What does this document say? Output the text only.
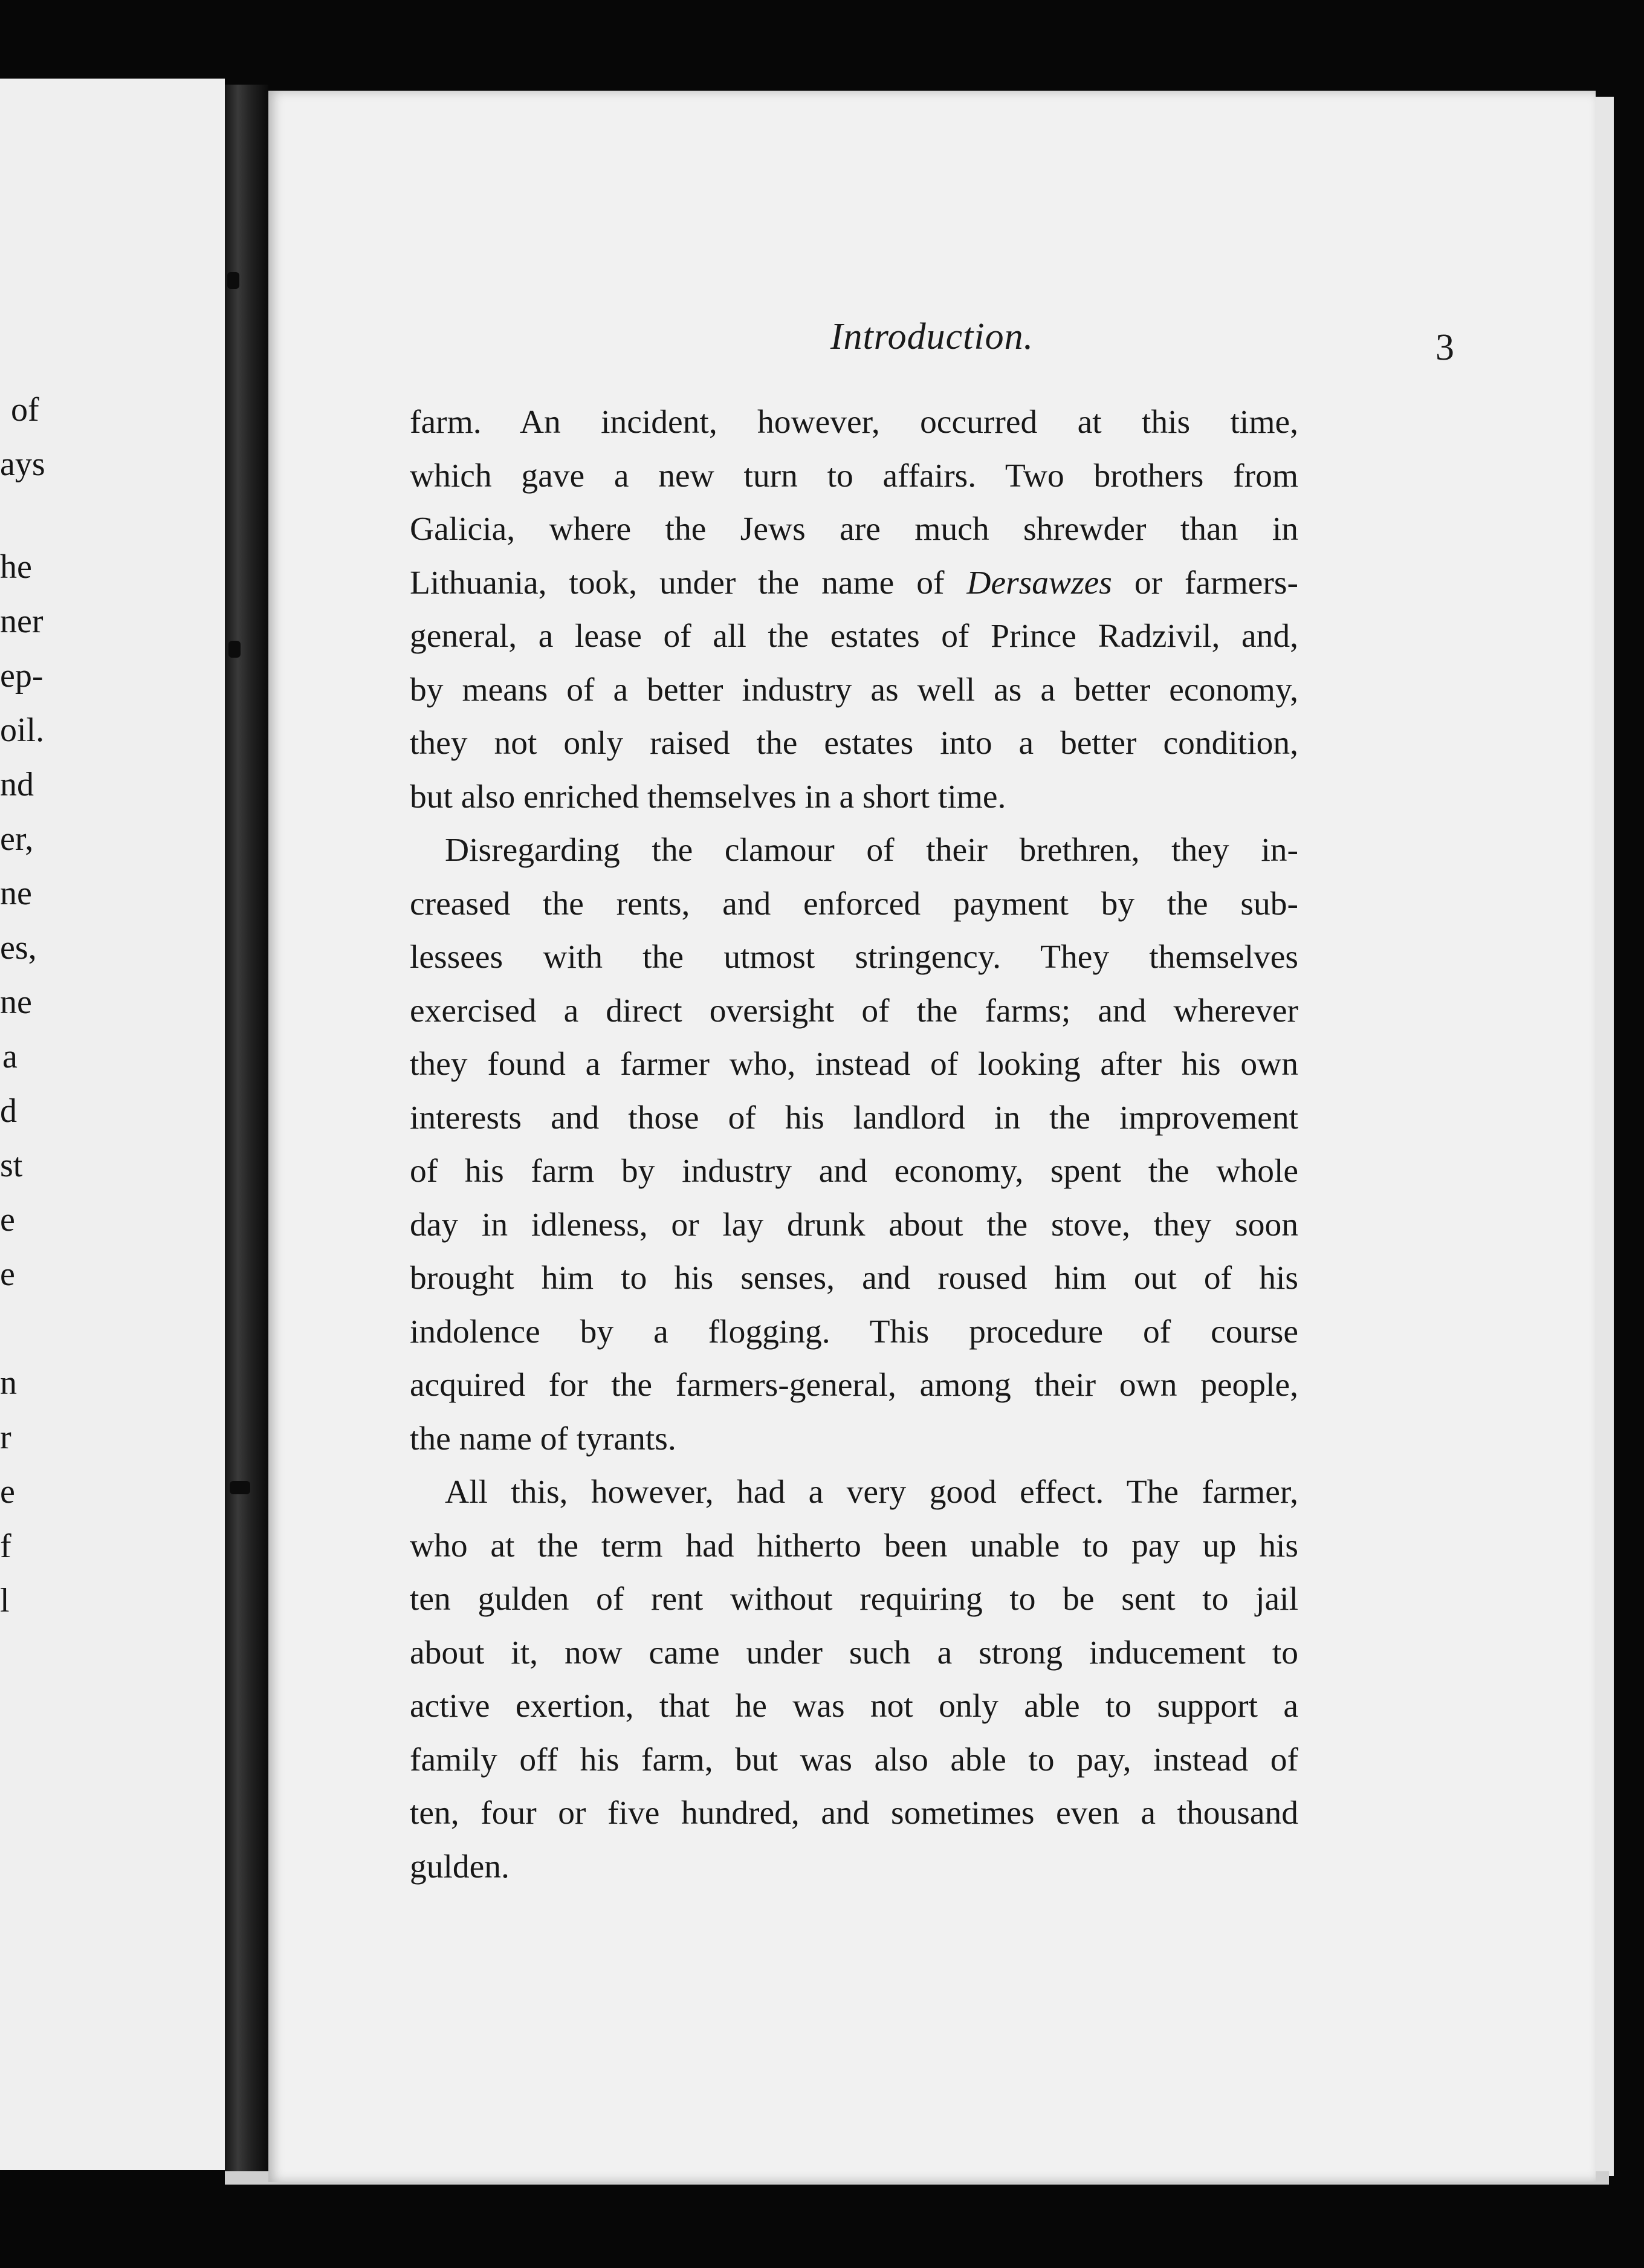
of
ays
he
ner
ep-
oil.
nd
er,
ne
es,
ne
a
d
st
e
e
n
r
e
f
l
Introduction.	3
farm. An incident, however, occurred at this time,
which gave a new turn to affairs. Two brothers from
Galicia, where the Jews are much shrewder than in
Lithuania, took, under the name of Dersawzes or farmers-
general, a lease of all the estates of Prince Radzivil, and,
by means of a better industry as well as a better economy,
they not only raised the estates into a better condition,
but also enriched themselves in a short time.
Disregarding the clamour of their brethren, they in-
creased the rents, and enforced payment by the sub-
lessees with the utmost stringency. They themselves
exercised a direct oversight of the farms; and wherever
they found a farmer who, instead of looking after his own
interests and those of his landlord in the improvement
of his farm by industry and economy, spent the whole
day in idleness, or lay drunk about the stove, they soon
brought him to his senses, and roused him out of his
indolence by a flogging. This procedure of course
acquired for the farmers-general, among their own people,
the name of tyrants.
All this, however, had a very good effect. The farmer,
who at the term had hitherto been unable to pay up his
ten gulden of rent without requiring to be sent to jail
about it, now came under such a strong inducement to
active exertion, that he was not only able to support a
family off his farm, but was also able to pay, instead of
ten, four or five hundred, and sometimes even a thousand
gulden.
